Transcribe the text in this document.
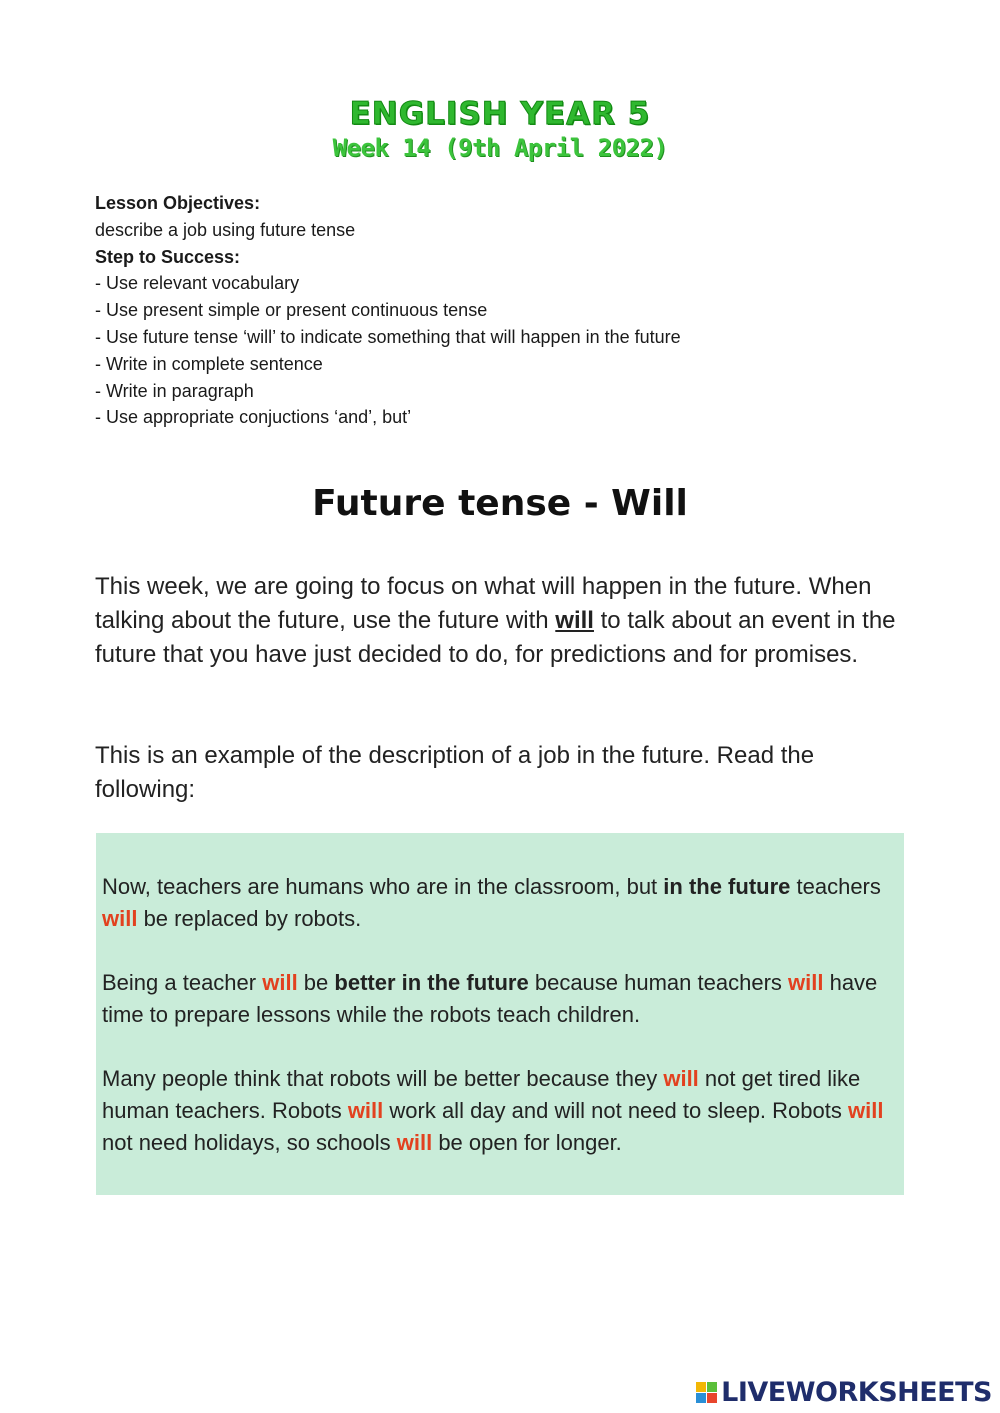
ENGLISH YEAR 5
Week 14 (9th April 2022)
Lesson Objectives:
describe a job using future tense
Step to Success:
- Use relevant vocabulary
- Use present simple or present continuous tense
- Use future tense ‘will’ to indicate something that will happen in the future
- Write in complete sentence
- Write in paragraph
- Use appropriate conjuctions ‘and’, but’
Future tense - Will

This week, we are going to focus on what will happen in the future. When talking about the future, use the future with will to talk about an event in the future that you have just decided to do, for predictions and for promises.

This is an example of the description of a job in the future. Read the following:

Now, teachers are humans who are in the classroom, but in the future teachers will be replaced by robots.

Being a teacher will be better in the future because human teachers will have time to prepare lessons while the robots teach children.

Many people think that robots will be better because they will not get tired like human teachers. Robots will work all day and will not need to sleep. Robots will not need holidays, so schools will be open for longer.

LIVEWORKSHEETS
